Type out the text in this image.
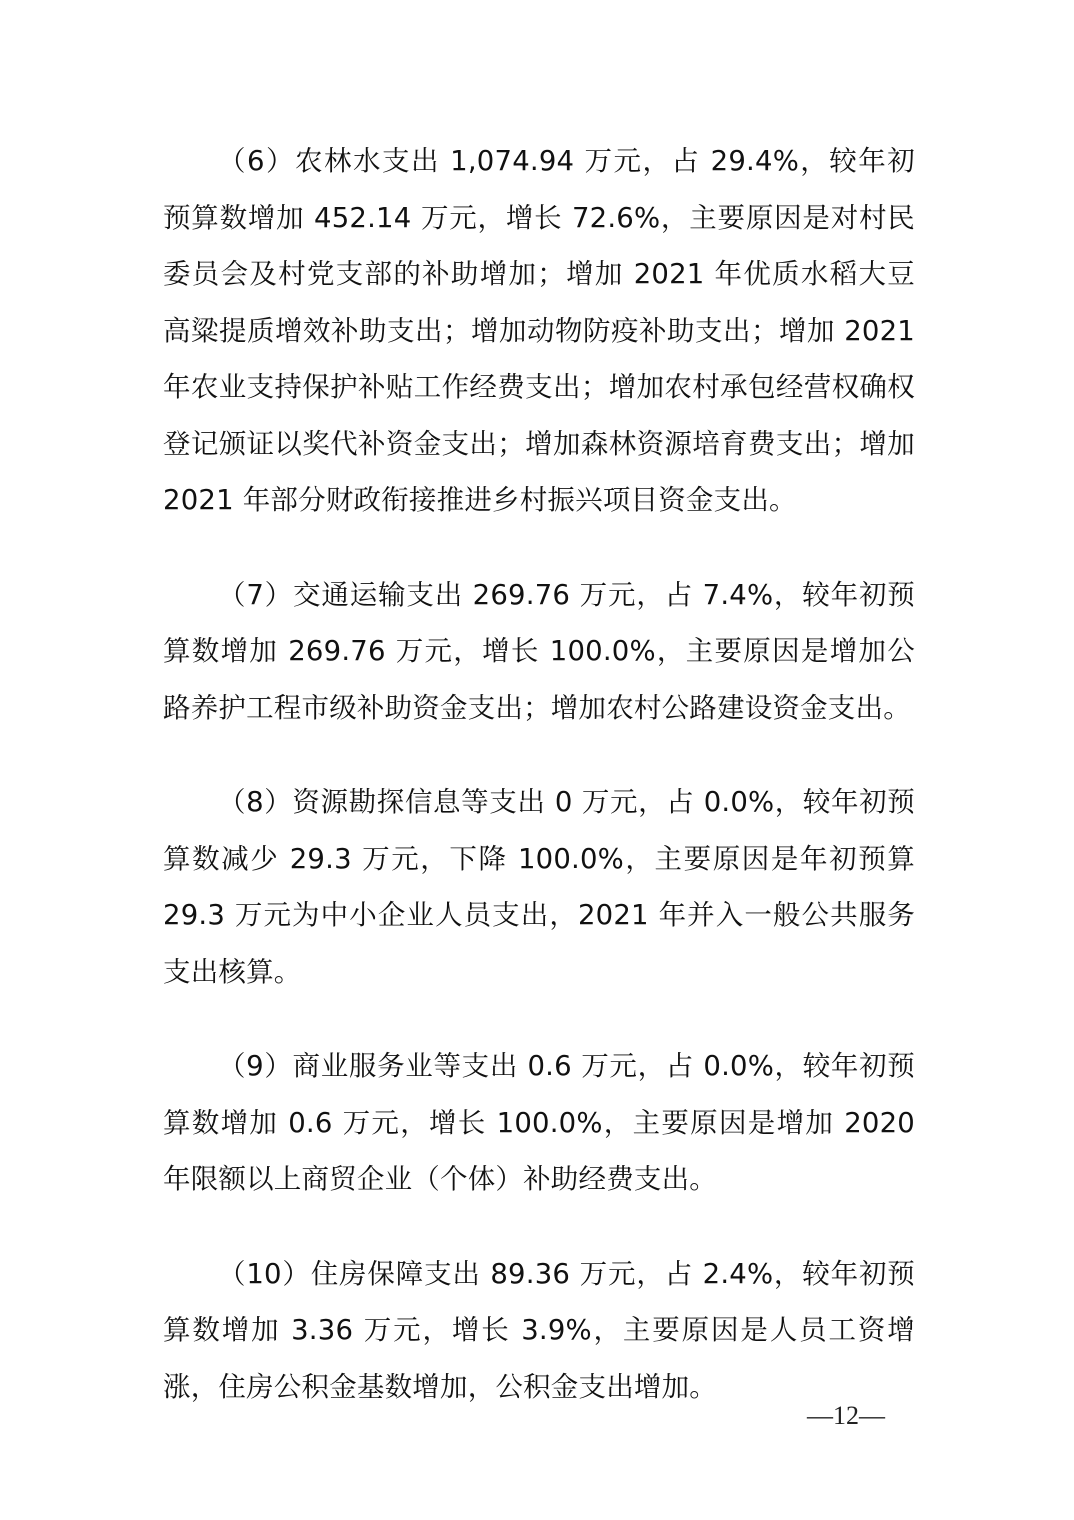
（6）农林水支出 1,074.94 万元，占 29.4%，较年初预算数增加 452.14 万元，增长 72.6%，主要原因是对村民委员会及村党支部的补助增加；增加 2021 年优质水稻大豆高粱提质增效补助支出；增加动物防疫补助支出；增加 2021 年农业支持保护补贴工作经费支出；增加农村承包经营权确权登记颁证以奖代补资金支出；增加森林资源培育费支出；增加 2021 年部分财政衔接推进乡村振兴项目资金支出。

（7）交通运输支出 269.76 万元，占 7.4%，较年初预算数增加 269.76 万元，增长 100.0%，主要原因是增加公路养护工程市级补助资金支出；增加农村公路建设资金支出。

（8）资源勘探信息等支出 0 万元，占 0.0%，较年初预算数减少 29.3 万元，下降 100.0%，主要原因是年初预算 29.3 万元为中小企业人员支出，2021 年并入一般公共服务支出核算。

（9）商业服务业等支出 0.6 万元，占 0.0%，较年初预算数增加 0.6 万元，增长 100.0%，主要原因是增加 2020 年限额以上商贸企业（个体）补助经费支出。

（10）住房保障支出 89.36 万元，占 2.4%，较年初预算数增加 3.36 万元，增长 3.9%，主要原因是人员工资增涨，住房公积金基数增加，公积金支出增加。

—12—
